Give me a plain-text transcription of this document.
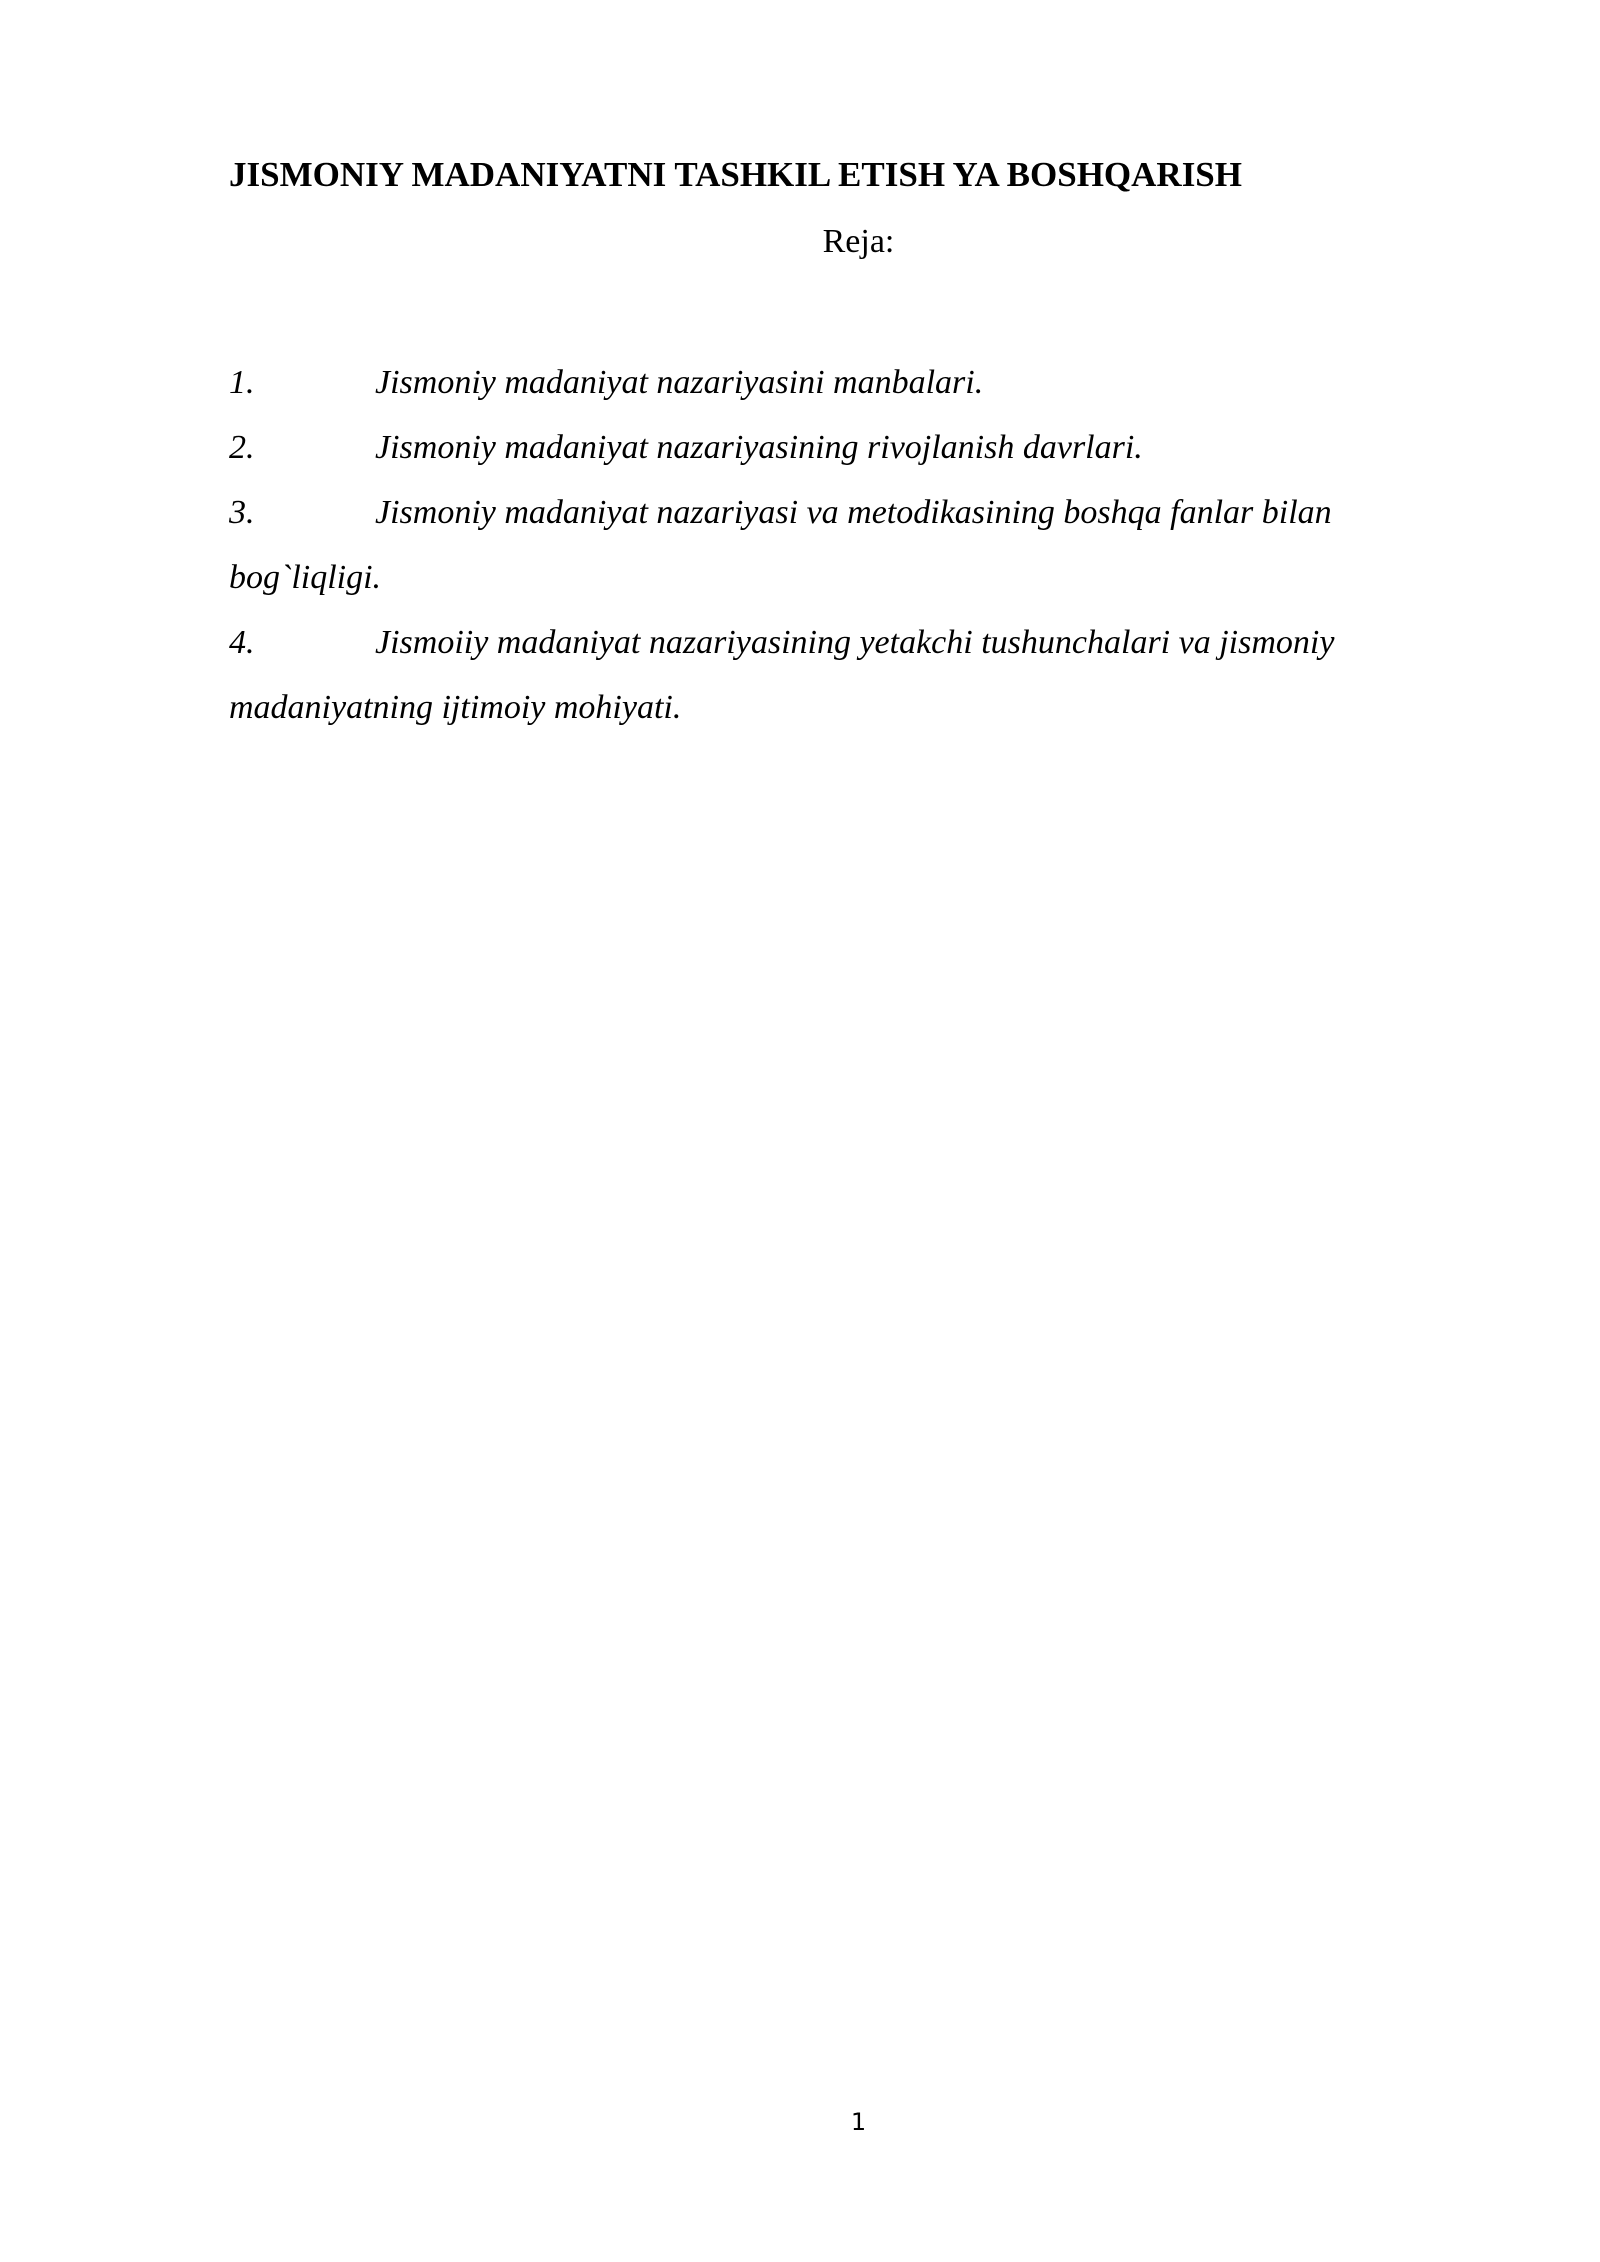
JISMONIY MADANIYATNI TASHKIL ETISH YA BOSHQARISH
Reja:
1.	Jismoniy madaniyat nazariyasini manbalari.
2.	Jismoniy madaniyat nazariyasining rivojlanish davrlari.
3.	Jismoniy madaniyat nazariyasi va metodikasining boshqa fanlar bilan bog`liqligi.
4.	Jismoiiy madaniyat nazariyasining yetakchi tushunchalari va jismoniy madaniyatning ijtimoiy mohiyati.
1
